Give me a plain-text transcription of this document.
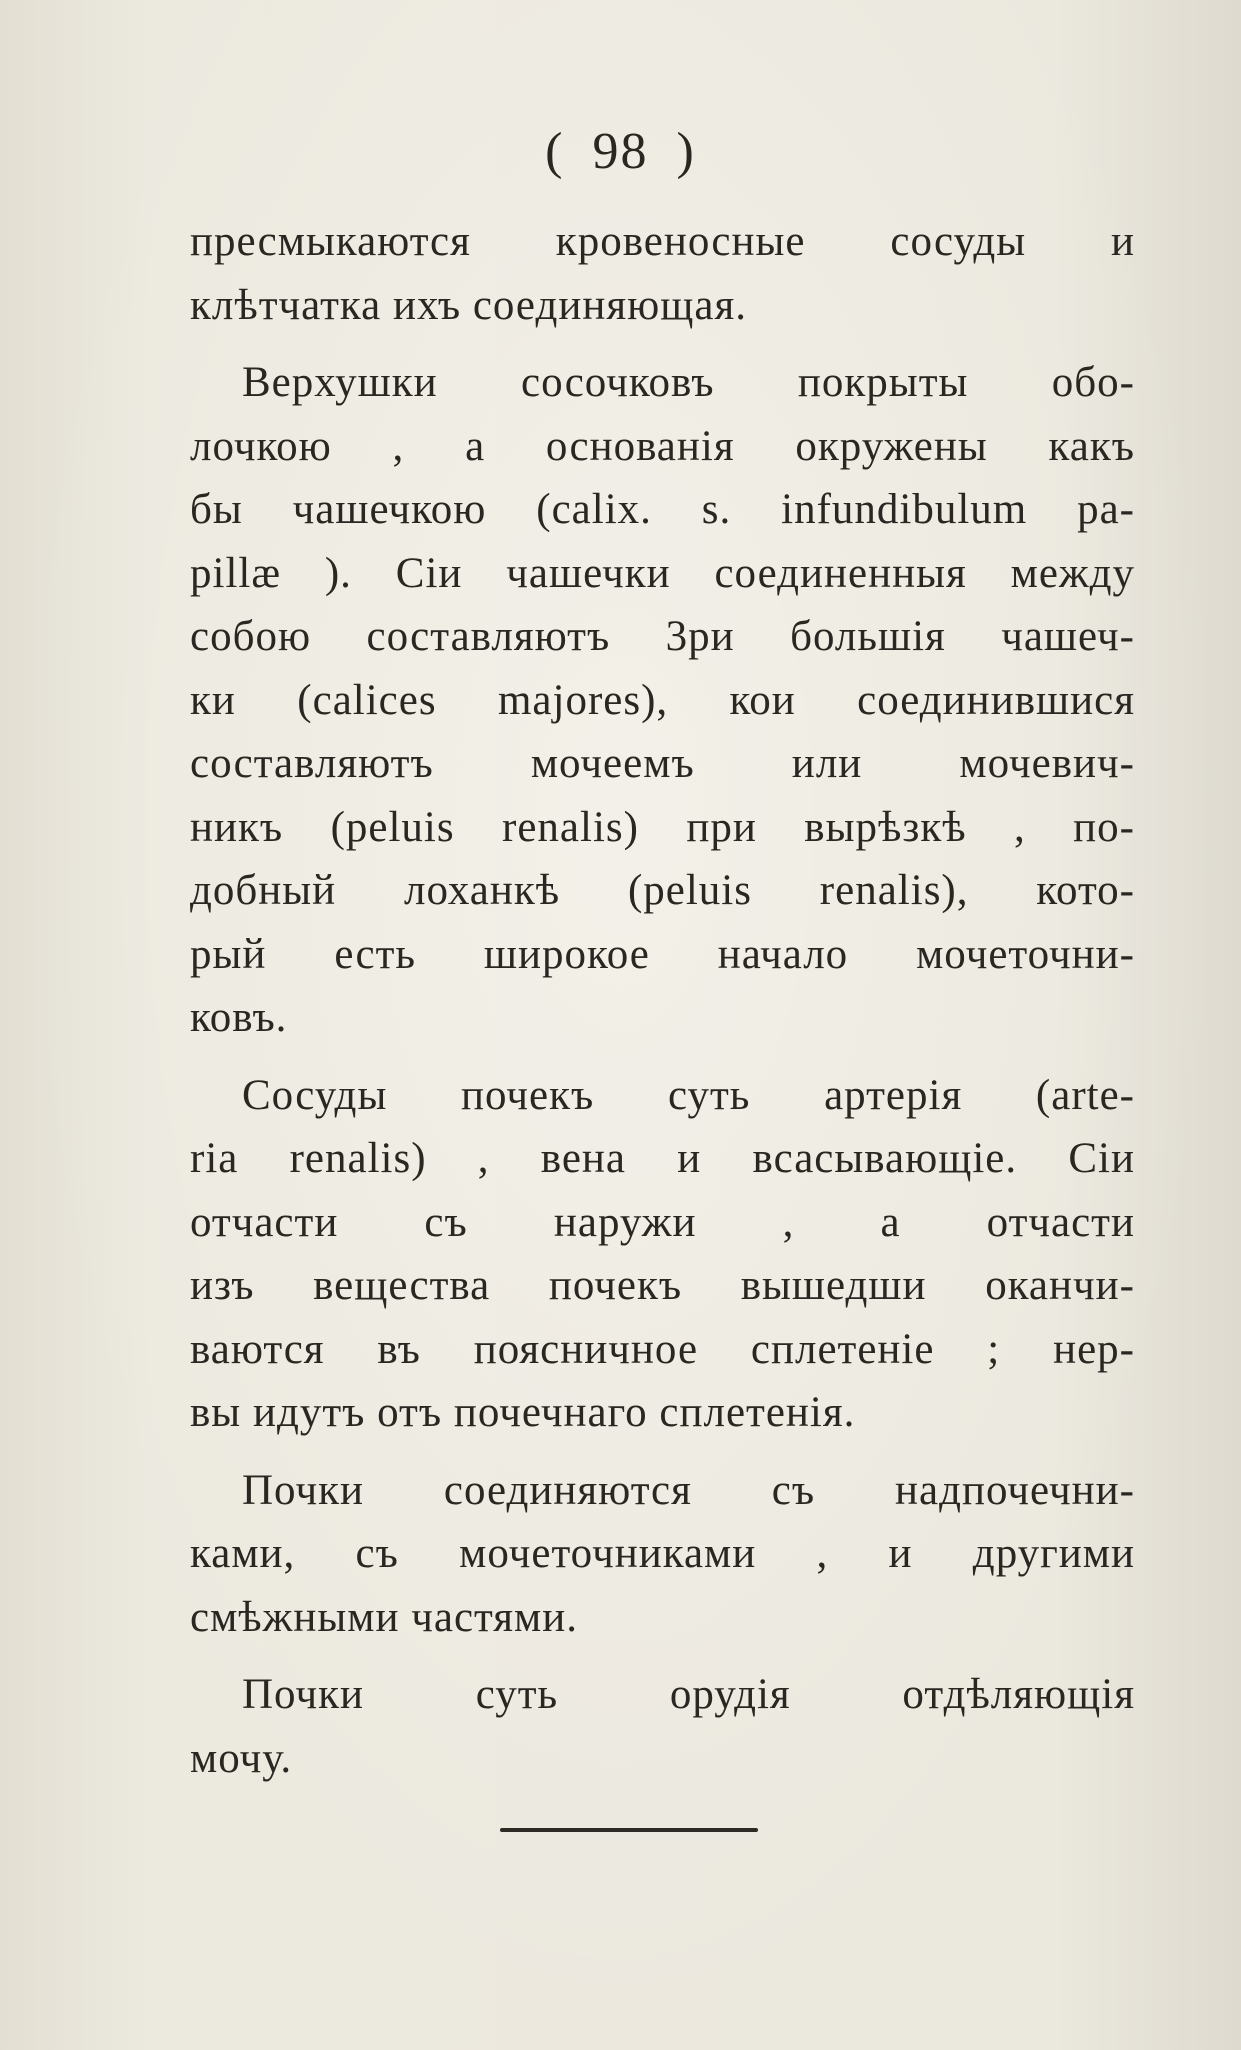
( 98 )
пресмыкаются кровеносные сосуды и
клѣтчатка ихъ соединяющая.
Верхушки сосочковъ покрыты обо-
лочкою , а основанія окружены какъ
бы чашечкою (calix. s. infundibulum pa-
pillæ ). Сіи чашечки соединенныя между
собою составляютъ 3ри большія чашеч-
ки (calices majores), кои соединившися
составляютъ мочеемъ или мочевич-
никъ (peluis renalis) при вырѣзкѣ , по-
добный лоханкѣ (peluis renalis), кото-
рый есть широкое начало мочеточни-
ковъ.
Сосуды почекъ суть артерія (arte-
ria renalis) , вена и всасывающіе. Сіи
отчасти съ наружи , а отчасти
изъ вещества почекъ вышедши оканчи-
ваются въ поясничное сплетеніе ; нер-
вы идутъ отъ почечнаго сплетенія.
Почки соединяются съ надпочечни-
ками, съ мочеточниками , и другими
смѣжными частями.
Почки суть орудія отдѣляющія
мочу.
